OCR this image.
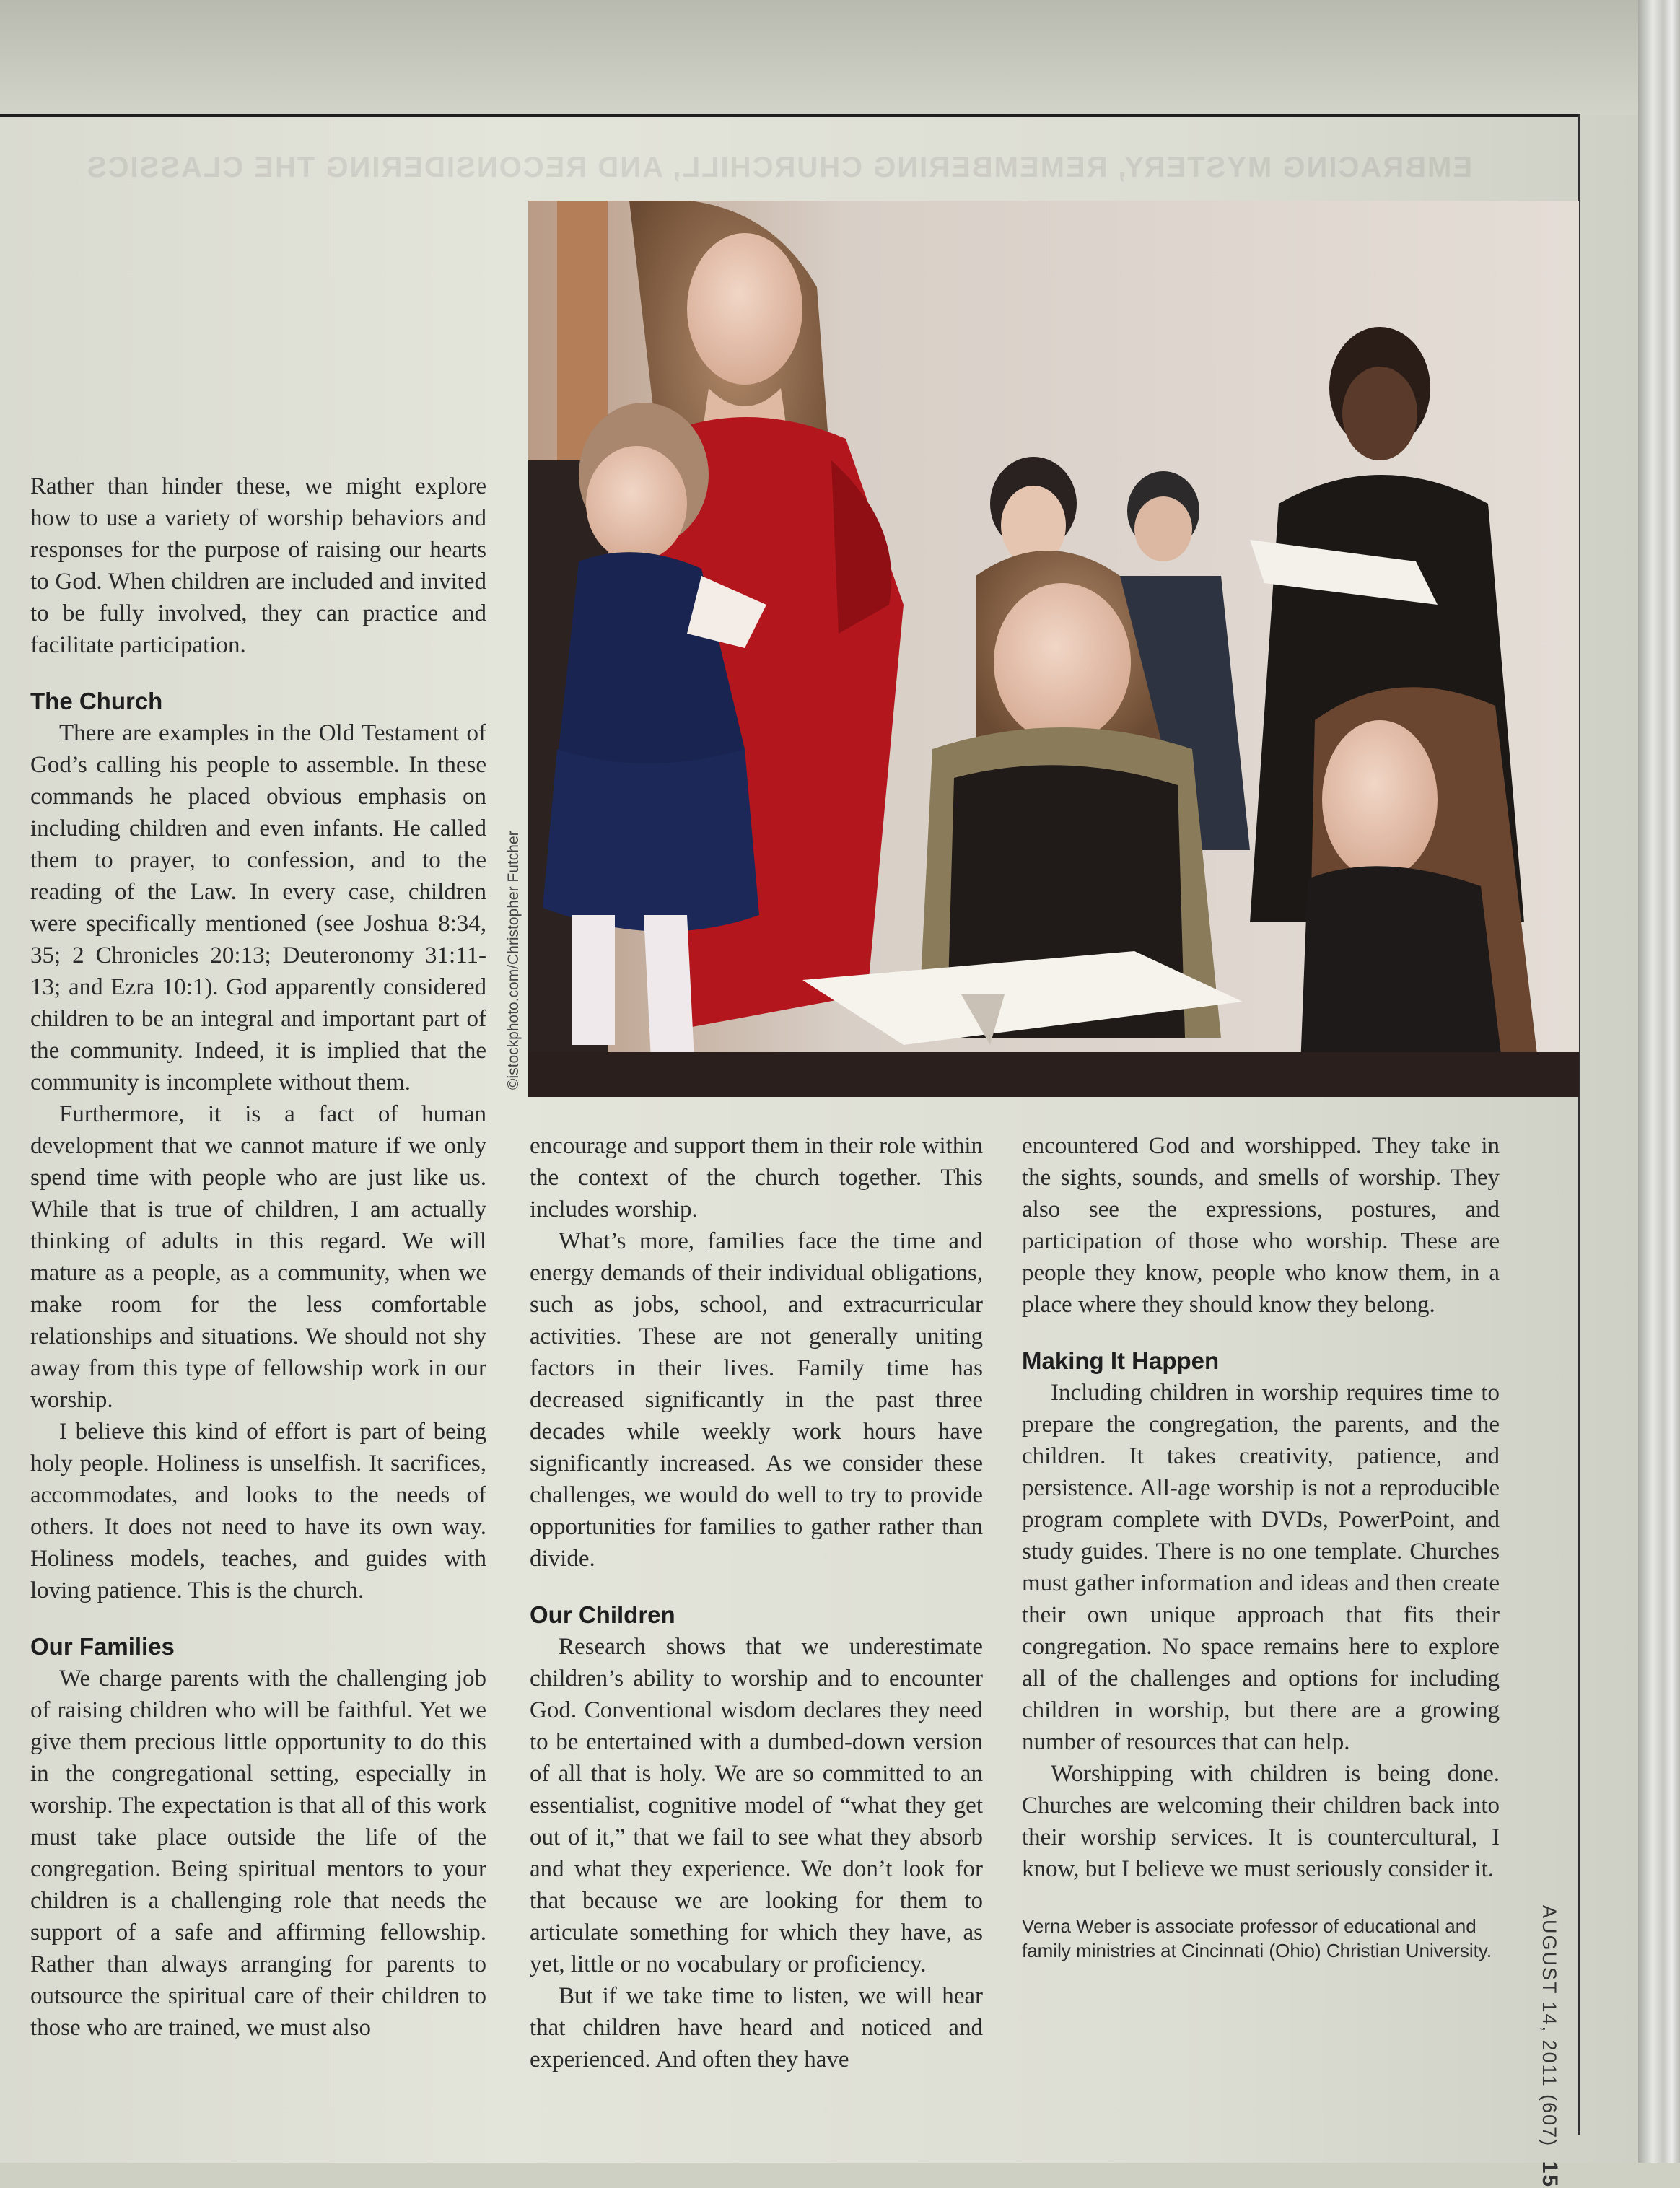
EMBRACING MYSTERY, REMEMBERING CHURCHILL, AND RECONSIDERING THE CLASSICS
©istockphoto.com/Christopher Futcher

Rather than hinder these, we might explore how to use a variety of worship behaviors and responses for the purpose of raising our hearts to God. When children are included and invited to be fully involved, they can practice and facilitate participation.

The Church

There are examples in the Old Testament of God’s calling his people to assemble. In these commands he placed obvious emphasis on including children and even infants. He called them to prayer, to confession, and to the reading of the Law. In every case, children were specifically mentioned (see Joshua 8:34, 35; 2 Chronicles 20:13; Deuteronomy 31:11-13; and Ezra 10:1). God apparently considered children to be an integral and important part of the community. Indeed, it is implied that the community is incomplete without them.

Furthermore, it is a fact of human development that we cannot mature if we only spend time with people who are just like us. While that is true of children, I am actually thinking of adults in this regard. We will mature as a people, as a community, when we make room for the less comfortable relationships and situations. We should not shy away from this type of fellowship work in our worship.

I believe this kind of effort is part of being holy people. Holiness is unselfish. It sacrifices, accommodates, and looks to the needs of others. It does not need to have its own way. Holiness models, teaches, and guides with loving patience. This is the church.

Our Families

We charge parents with the challenging job of raising children who will be faithful. Yet we give them precious little opportunity to do this in the congregational setting, especially in worship. The expectation is that all of this work must take place outside the life of the congregation. Being spiritual mentors to your children is a challenging role that needs the support of a safe and affirming fellowship. Rather than always arranging for parents to outsource the spiritual care of their children to those who are trained, we must also

encourage and support them in their role within the context of the church together. This includes worship.

What’s more, families face the time and energy demands of their individual obligations, such as jobs, school, and extracurricular activities. These are not generally uniting factors in their lives. Family time has decreased significantly in the past three decades while weekly work hours have significantly increased. As we consider these challenges, we would do well to try to provide opportunities for families to gather rather than divide.

Our Children

Research shows that we underestimate children’s ability to worship and to encounter God. Conventional wisdom declares they need to be entertained with a dumbed-down version of all that is holy. We are so committed to an essentialist, cognitive model of “what they get out of it,” that we fail to see what they absorb and what they experience. We don’t look for that because we are looking for them to articulate something for which they have, as yet, little or no vocabulary or proficiency.

But if we take time to listen, we will hear that children have heard and noticed and experienced. And often they have

encountered God and worshipped. They take in the sights, sounds, and smells of worship. They also see the expressions, postures, and participation of those who worship. These are people they know, people who know them, in a place where they should know they belong.

Making It Happen

Including children in worship requires time to prepare the congregation, the parents, and the children. It takes creativity, patience, and persistence. All-age worship is not a reproducible program complete with DVDs, PowerPoint, and study guides. There is no one template. Churches must gather information and ideas and then create their own unique approach that fits their congregation. No space remains here to explore all of the challenges and options for including children in worship, but there are a growing number of resources that can help.

Worshipping with children is being done. Churches are welcoming their children back into their worship services. It is countercultural, I know, but I believe we must seriously consider it.

Verna Weber is associate professor of educational and family ministries at Cincinnati (Ohio) Christian University.	AUGUST 14, 2011 (607) 15
